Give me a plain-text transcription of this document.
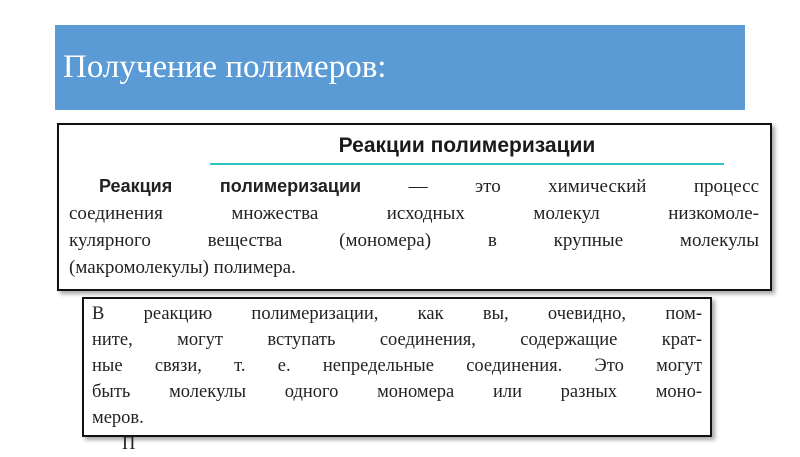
Получение полимеров:
Реакции полимеризации
Реакция полимеризации — это химический процесс
соединения множества исходных молекул низкомоле-
кулярного вещества (мономера) в крупные молекулы
(макромолекулы) полимера.
В реакцию полимеризации, как вы, очевидно, пом-
ните, могут вступать соединения, содержащие крат-
ные связи, т. е. непредельные соединения. Это могут
быть молекулы одного мономера или разных моно-
меров.
П
